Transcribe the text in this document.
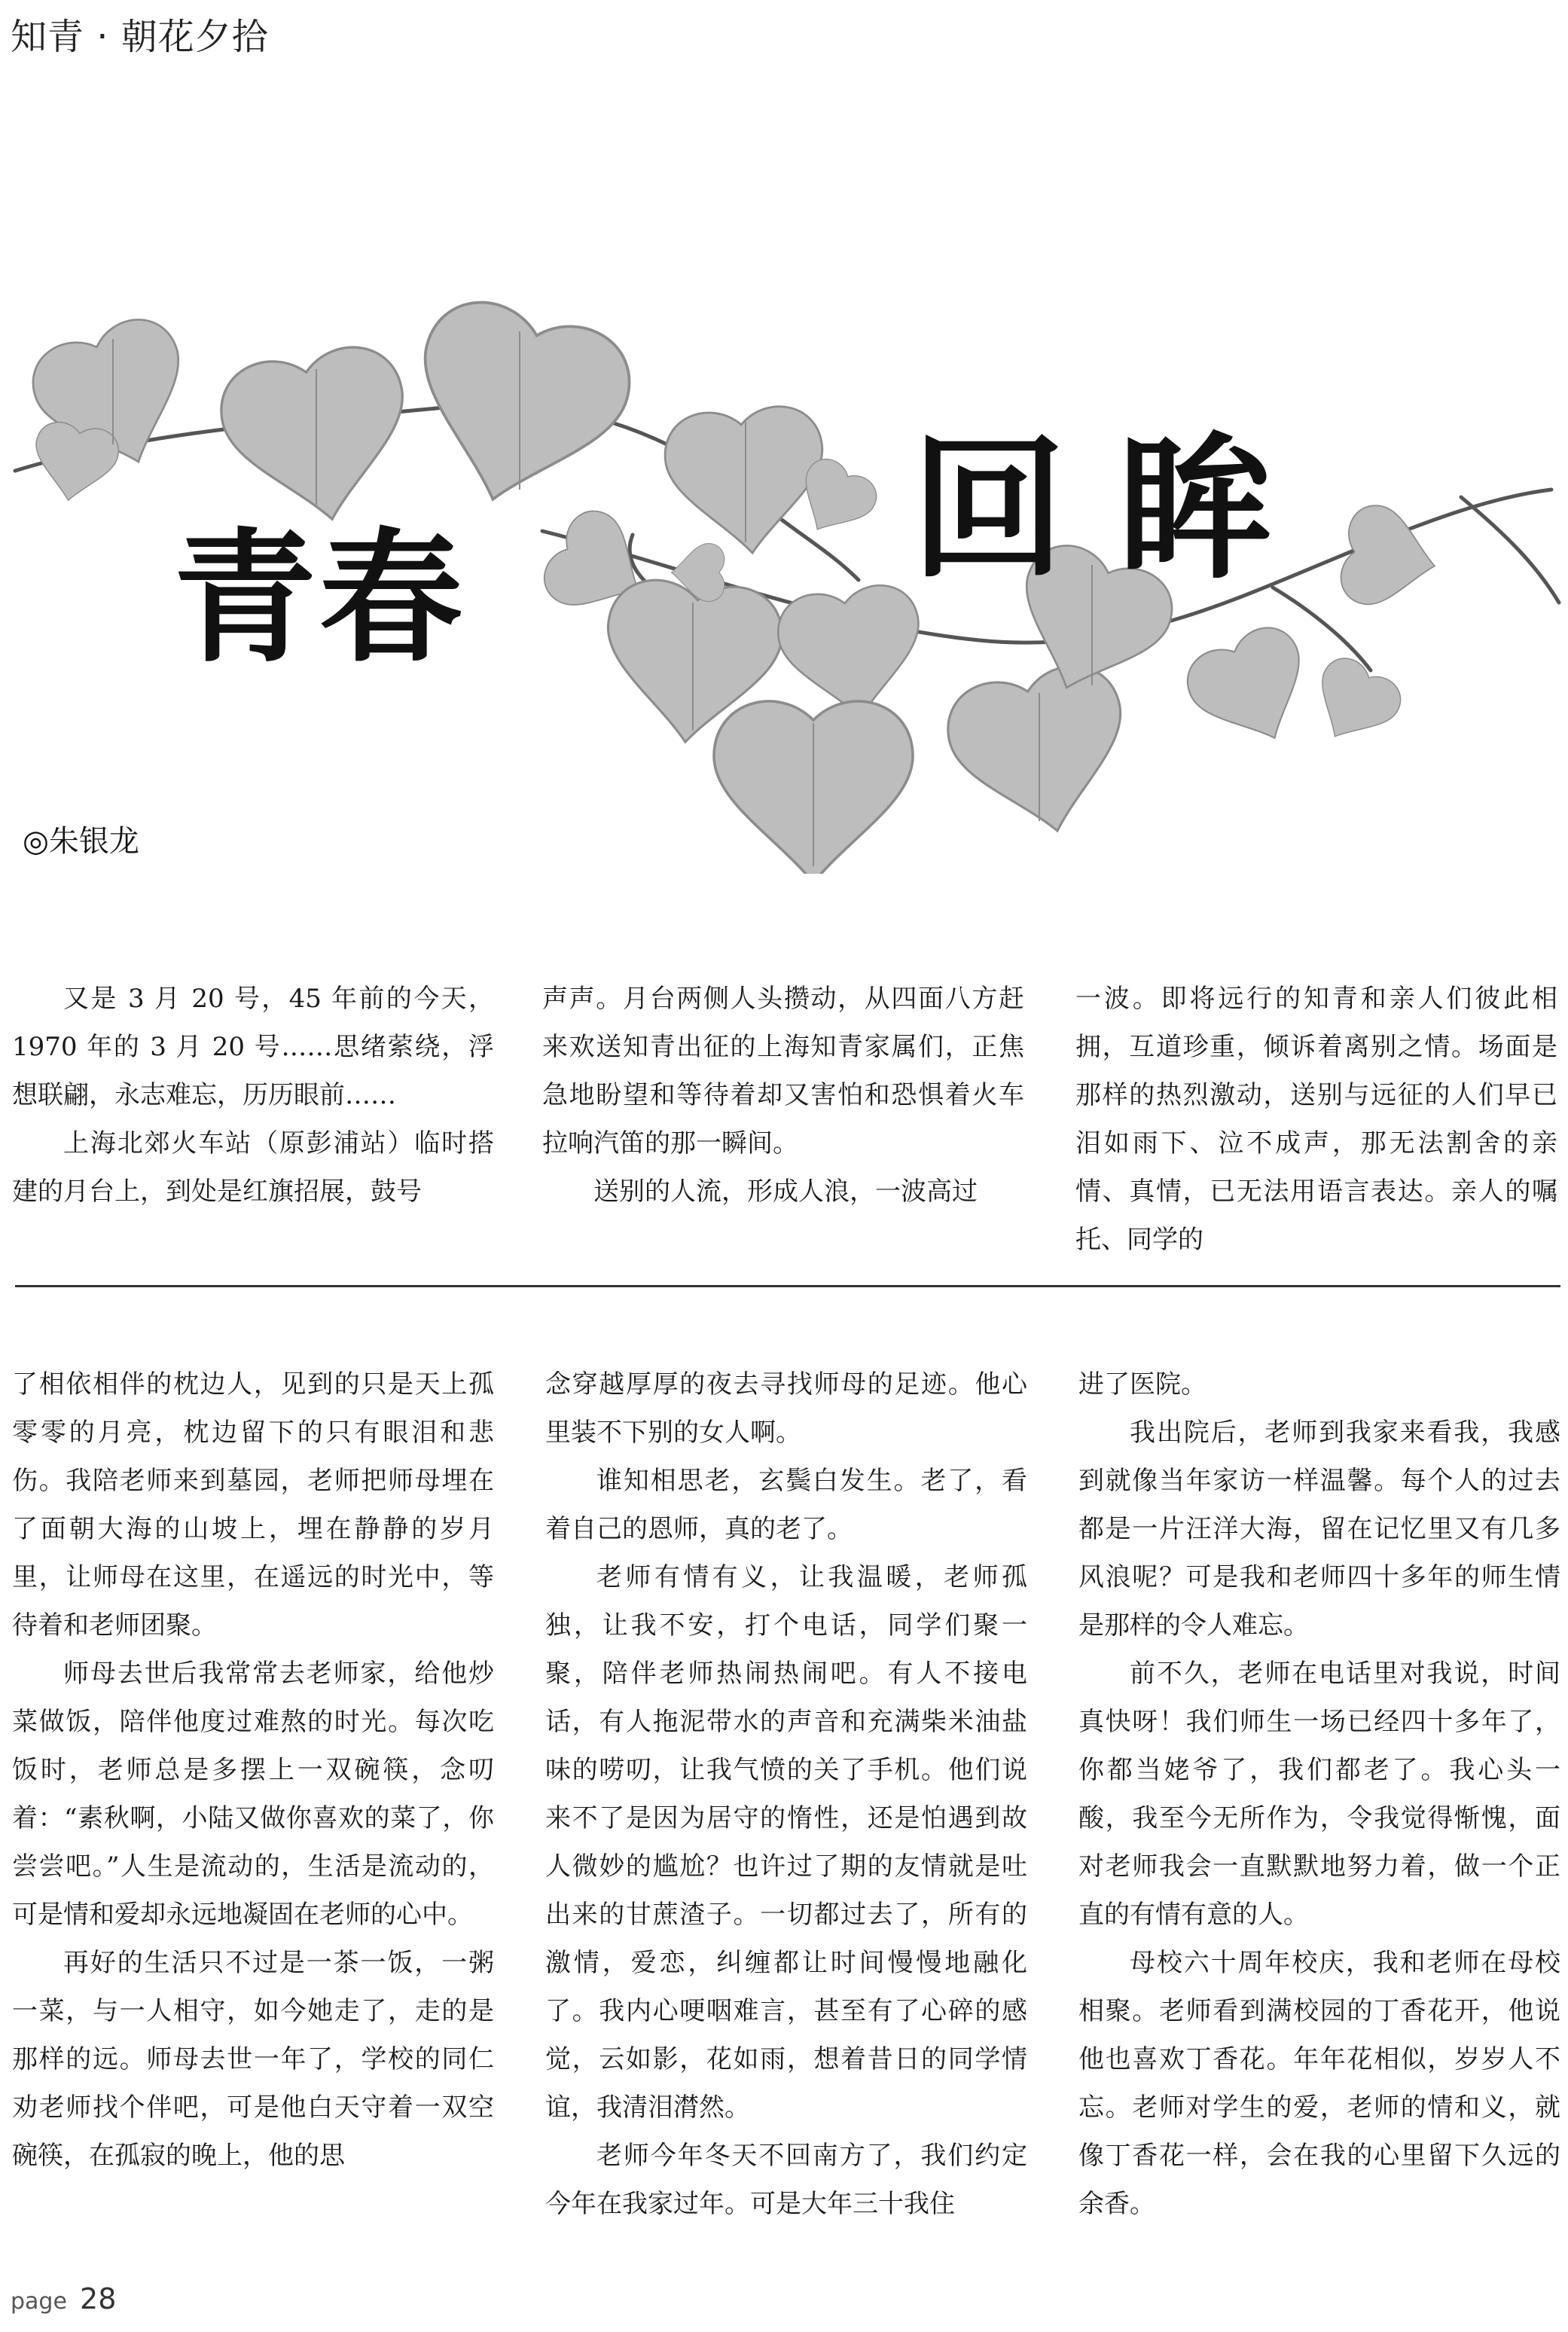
知青 · 朝花夕拾
青春	回眸
◎朱银龙

又是 3 月 20 号，45 年前的今天，1970 年的 3 月 20 号……思绪萦绕，浮想联翩，永志难忘，历历眼前……

上海北郊火车站（原彭浦站）临时搭建的月台上，到处是红旗招展，鼓号

声声。月台两侧人头攒动，从四面八方赶来欢送知青出征的上海知青家属们，正焦急地盼望和等待着却又害怕和恐惧着火车拉响汽笛的那一瞬间。

送别的人流，形成人浪，一波高过

一波。即将远行的知青和亲人们彼此相拥，互道珍重，倾诉着离别之情。场面是那样的热烈激动，送别与远征的人们早已泪如雨下、泣不成声，那无法割舍的亲情、真情，已无法用语言表达。亲人的嘱托、同学的

了相依相伴的枕边人，见到的只是天上孤零零的月亮，枕边留下的只有眼泪和悲伤。我陪老师来到墓园，老师把师母埋在了面朝大海的山坡上，埋在静静的岁月里，让师母在这里，在遥远的时光中，等待着和老师团聚。

师母去世后我常常去老师家，给他炒菜做饭，陪伴他度过难熬的时光。每次吃饭时，老师总是多摆上一双碗筷，念叨着：“素秋啊，小陆又做你喜欢的菜了，你尝尝吧。”人生是流动的，生活是流动的，可是情和爱却永远地凝固在老师的心中。

再好的生活只不过是一茶一饭，一粥一菜，与一人相守，如今她走了，走的是那样的远。师母去世一年了，学校的同仁劝老师找个伴吧，可是他白天守着一双空碗筷，在孤寂的晚上，他的思

念穿越厚厚的夜去寻找师母的足迹。他心里装不下别的女人啊。

谁知相思老，玄鬓白发生。老了，看着自己的恩师，真的老了。

老师有情有义，让我温暖，老师孤独，让我不安，打个电话，同学们聚一聚，陪伴老师热闹热闹吧。有人不接电话，有人拖泥带水的声音和充满柴米油盐味的唠叨，让我气愤的关了手机。他们说来不了是因为居守的惰性，还是怕遇到故人微妙的尴尬？也许过了期的友情就是吐出来的甘蔗渣子。一切都过去了，所有的激情，爱恋，纠缠都让时间慢慢地融化了。我内心哽咽难言，甚至有了心碎的感觉，云如影，花如雨，想着昔日的同学情谊，我清泪潸然。

老师今年冬天不回南方了，我们约定今年在我家过年。可是大年三十我住

进了医院。

我出院后，老师到我家来看我，我感到就像当年家访一样温馨。每个人的过去都是一片汪洋大海，留在记忆里又有几多风浪呢？可是我和老师四十多年的师生情是那样的令人难忘。

前不久，老师在电话里对我说，时间真快呀！我们师生一场已经四十多年了，你都当姥爷了，我们都老了。我心头一酸，我至今无所作为，令我觉得惭愧，面对老师我会一直默默地努力着，做一个正直的有情有意的人。

母校六十周年校庆，我和老师在母校相聚。老师看到满校园的丁香花开，他说他也喜欢丁香花。年年花相似，岁岁人不忘。老师对学生的爱，老师的情和义，就像丁香花一样，会在我的心里留下久远的余香。

page 28
